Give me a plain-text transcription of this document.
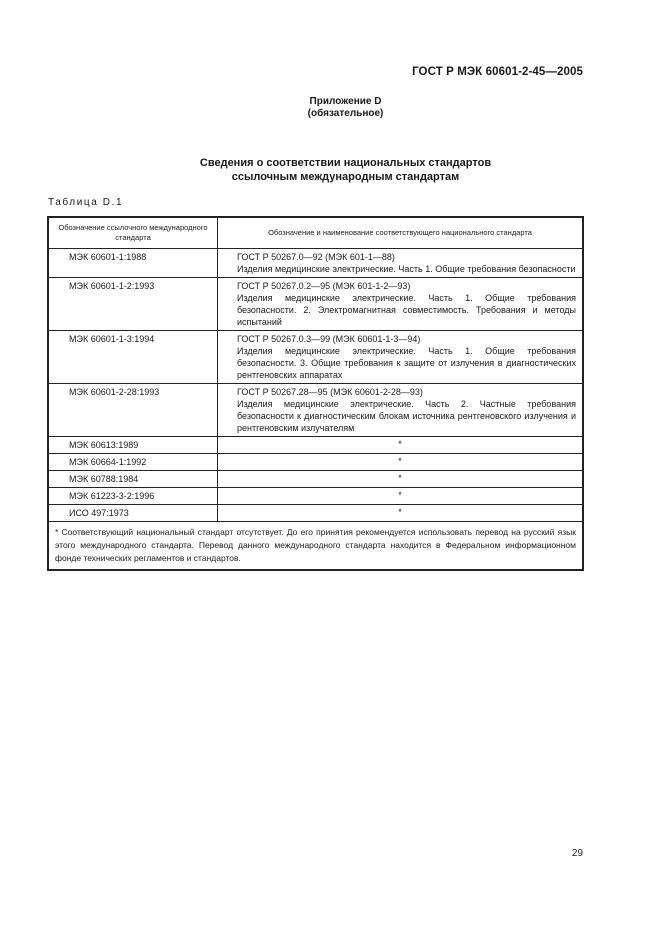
ГОСТ Р МЭК 60601-2-45—2005
Приложение D
(обязательное)
Сведения о соответствии национальных стандартов
ссылочным международным стандартам
Таблица D.1
Обозначение ссылочного международного стандарта	Обозначение и наименование соответствующего национального стандарта
МЭК 60601-1:1988	ГОСТ Р 50267.0—92 (МЭК 601-1—88)
Изделия медицинские электрические. Часть 1. Общие требования безопасности

МЭК 60601-1-2:1993	ГОСТ Р 50267.0.2—95 (МЭК 601-1-2—93)
Изделия медицинские электрические. Часть 1. Общие требования безопасности. 2. Электромагнитная совместимость. Требования и методы испытаний

МЭК 60601-1-3:1994	ГОСТ Р 50267.0.3—99 (МЭК 60601-1-3—94)
Изделия медицинские электрические. Часть 1. Общие требования безопасности. 3. Общие требования к защите от излучения в диагностических рентгеновских аппаратах

МЭК 60601-2-28:1993	ГОСТ Р 50267.28—95 (МЭК 60601-2-28—93)
Изделия медицинские электрические. Часть 2. Частные требования безопасности к диагностическим блокам источника рентгеновского излучения и рентгеновским излучателям

МЭК 60613:1989	*
МЭК 60664-1:1992	*
МЭК 60788:1984	*
МЭК 61223-3-2:1996	*
ИСО 497:1973	*
* Соответствующий национальный стандарт отсутствует. До его принятия рекомендуется использовать перевод на русский язык этого международного стандарта. Перевод данного международного стандарта находится в Федеральном информационном фонде технических регламентов и стандартов.	
29
